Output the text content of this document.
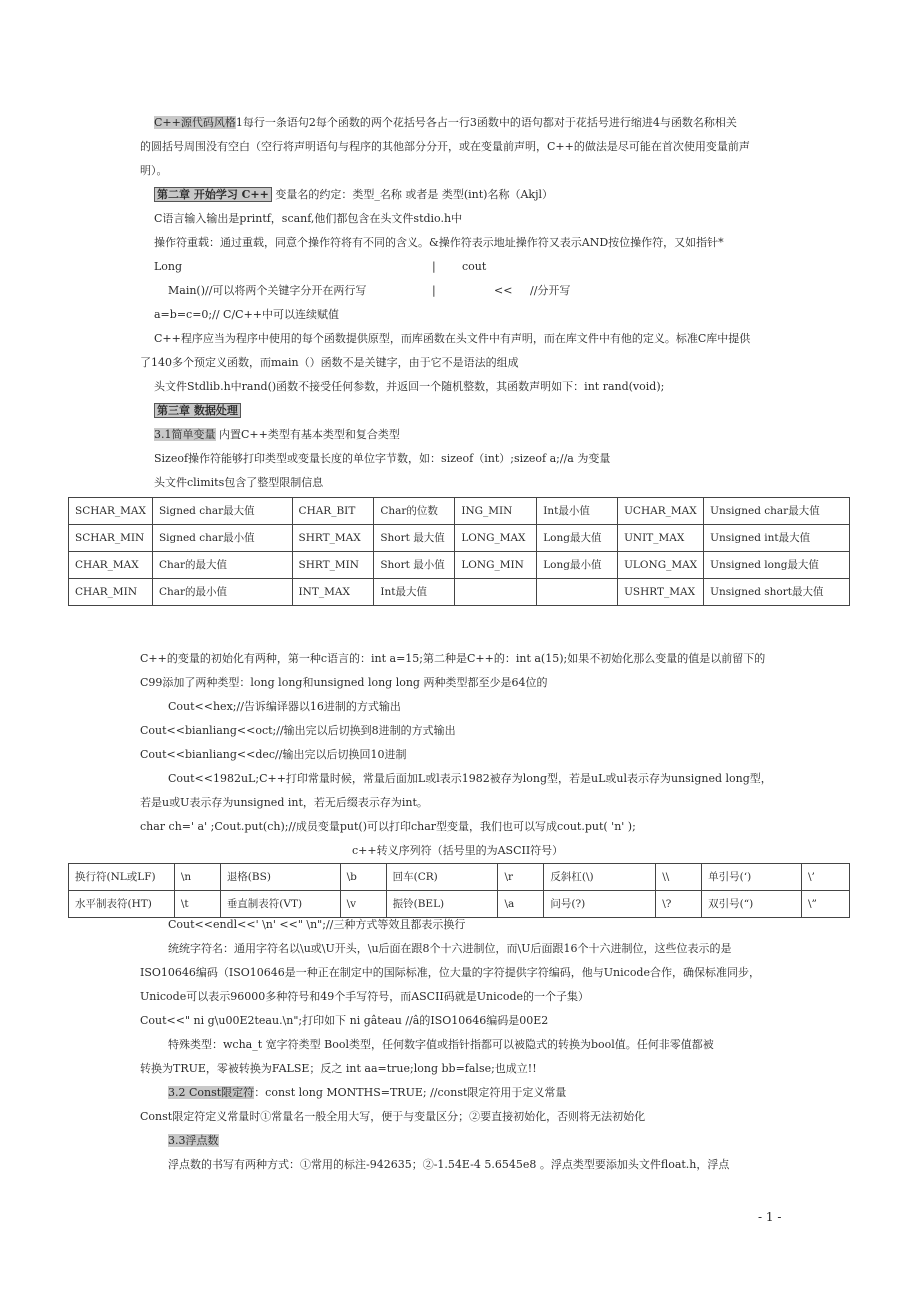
C++源代码风格1每行一条语句2每个函数的两个花括号各占一行3函数中的语句都对于花括号进行缩进4与函数名称相关
的圆括号周围没有空白（空行将声明语句与程序的其他部分分开，或在变量前声明，C++的做法是尽可能在首次使用变量前声
明）。
第二章 开始学习 C++ 变量名的约定：类型_名称 或者是 类型(int)名称（Akjl）
C语言输入输出是printf，scanf,他们都包含在头文件stdio.h中
操作符重载：通过重载，同意个操作符将有不同的含义。&操作符表示地址操作符又表示AND按位操作符，又如指针*
Long	| cout
Main()//可以将两个关键字分开在两行写	|	<< //分开写
a=b=c=0;// C/C++中可以连续赋值
C++程序应当为程序中使用的每个函数提供原型，而库函数在头文件中有声明，而在库文件中有他的定义。标准C库中提供
了140多个预定义函数，而main（）函数不是关键字，由于它不是语法的组成
头文件Stdlib.h中rand()函数不接受任何参数，并返回一个随机整数，其函数声明如下：int rand(void);
第三章 数据处理
3.1简单变量 内置C++类型有基本类型和复合类型
Sizeof操作符能够打印类型或变量长度的单位字节数，如：sizeof（int）;sizeof a;//a 为变量
头文件climits包含了整型限制信息
SCHAR_MAX	Signed char最大值	CHAR_BIT	Char的位数	ING_MIN	Int最小值	UCHAR_MAX	Unsigned char最大值
SCHAR_MIN	Signed char最小值	SHRT_MAX	Short 最大值	LONG_MAX	Long最大值	UNIT_MAX	Unsigned int最大值
CHAR_MAX	Char的最大值	SHRT_MIN	Short 最小值	LONG_MIN	Long最小值	ULONG_MAX	Unsigned long最大值
CHAR_MIN	Char的最小值	INT_MAX	Int最大值			USHRT_MAX	Unsigned short最大值
C++的变量的初始化有两种，第一种c语言的：int a=15;第二种是C++的：int a(15);如果不初始化那么变量的值是以前留下的
C99添加了两种类型：long long和unsigned long long 两种类型都至少是64位的
Cout<<hex;//告诉编译器以16进制的方式输出
Cout<<bianliang<<oct;//输出完以后切换到8进制的方式输出
Cout<<bianliang<<dec//输出完以后切换回10进制
Cout<<1982uL;C++打印常量时候，常量后面加L或l表示1982被存为long型，若是uL或ul表示存为unsigned long型，
若是u或U表示存为unsigned int，若无后缀表示存为int。
char ch=' a' ;Cout.put(ch);//成员变量put()可以打印char型变量，我们也可以写成cout.put( 'n' );
c++转义序列符（括号里的为ASCII符号）
换行符(NL或LF)	\n	退格(BS)	\b	回车(CR)	\r	反斜杠(\)	\\	单引号(‘)	\’
水平制表符(HT)	\t	垂直制表符(VT)	\v	振铃(BEL)	\a	问号(?)	\?	双引号(“)	\”
Cout<<endl<<' \n' <<" \n";//三种方式等效且都表示换行
统统字符名：通用字符名以\u或\U开头，\u后面在跟8个十六进制位，而\U后面跟16个十六进制位，这些位表示的是
ISO10646编码（ISO10646是一种正在制定中的国际标准，位大量的字符提供字符编码，他与Unicode合作，确保标准同步，
Unicode可以表示96000多种符号和49个手写符号，而ASCII码就是Unicode的一个子集）
Cout<<" ni g\u00E2teau.\n";打印如下 ni gâteau //â的ISO10646编码是00E2
特殊类型：wcha_t 宽字符类型 Bool类型，任何数字值或指针指都可以被隐式的转换为bool值。任何非零值都被
转换为TRUE，零被转换为FALSE；反之 int aa=true;long bb=false;也成立!!
3.2 Const限定符：const long MONTHS=TRUE; //const限定符用于定义常量
Const限定符定义常量时①常量名一般全用大写，便于与变量区分；②要直接初始化，否则将无法初始化
3.3浮点数
浮点数的书写有两种方式：①常用的标注-942635；②-1.54E-4 5.6545e8 。浮点类型要添加头文件float.h，浮点
- 1 -
